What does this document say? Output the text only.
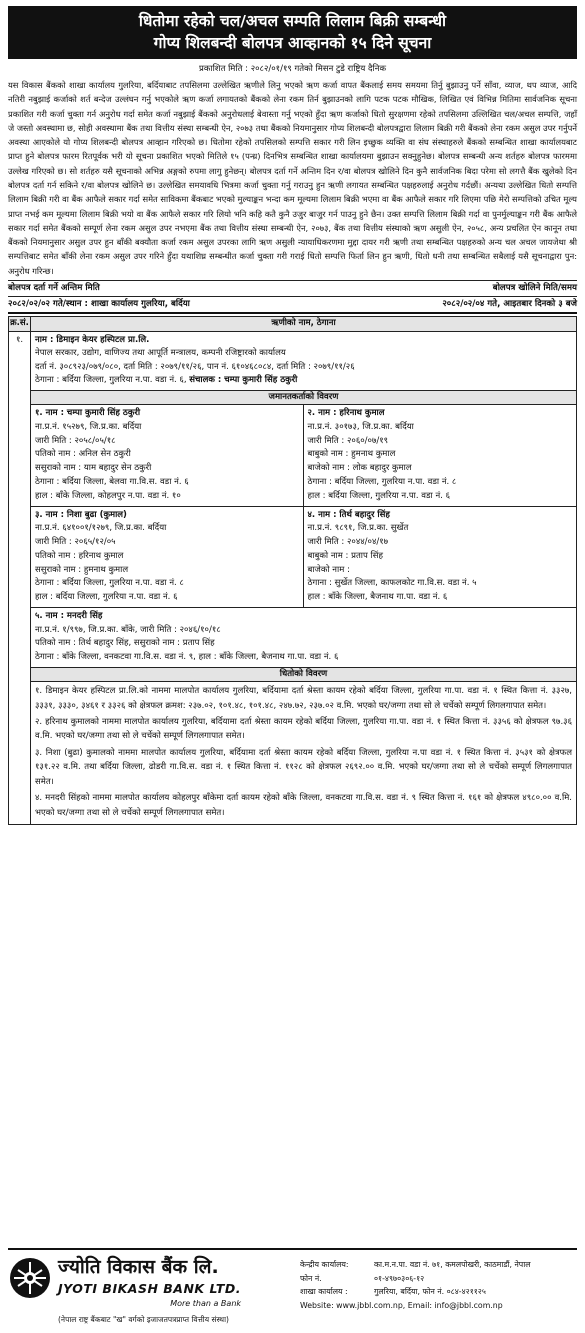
धितोमा रहेको चल/अचल सम्पति लिलाम बिक्री सम्बन्धी
गोप्य शिलबन्दी बोलपत्र आव्हानको १५ दिने सूचना
प्रकाशित मिति : २०८२/०१/१९ गतेको मिसन टुडे राष्ट्रिय दैनिक
यस विकास बैंकको शाखा कार्यालय गुलरिया, बर्दियाबाट तपसिलमा उल्लेखित ऋणीले लिनु भएको ऋण कर्जा वापत बैंकलाई समय समयमा तिर्नु बुझाउनु पर्ने साँवा, व्याज, थप व्याज, आदि नतिरी नबुझाई कर्जाको शर्त बन्देज उल्लंघन गर्नु भएकोले ऋण कर्जा लगायतको बैंकको लेना रकम तिर्न बुझाउनको लागि पटक पटक मौखिक, लिखित एवं विभिन्न मितिमा सार्वजनिक सूचना प्रकाशित गरी कर्जा चुक्ता गर्न अनुरोध गर्दा समेत कर्जा नबुझाई बैंकको अनुरोधलाई बेवास्ता गर्नु भएको हुँदा ऋण कर्जाको धितो सुरक्षणमा रहेको तपसिलमा उल्लिखित चल/अचल सम्पत्ति, जहाँ जे जस्तो अवस्थामा छ, सोही अवस्थामा बैंक तथा वित्तीय संस्था सम्बन्धी ऐन, २०७३ तथा बैंकको नियमानुसार गोप्य शिलबन्दी बोलपत्रद्वारा लिलाम बिक्री गरी बैंकको लेना रकम असुल उपर गर्नुपर्ने अवस्था आएकोले यो गोप्य शिलबन्दी बोलपत्र आव्हान गरिएको छ। धितोमा रहेको तपसिलको सम्पत्ति सकार गरी लिन इच्छुक व्यक्ति वा संघ संस्थाहरुले बैंकको सम्बन्धित शाखा कार्यालयबाट प्राप्त हुने बोलपत्र फारम रितपूर्वक भरी यो सूचना प्रकाशित भएको मितिले १५ (पन्ध्र) दिनभित्र सम्बन्धित शाखा कार्यालयमा बुझाउन सक्नुहुनेछ। बोलपत्र सम्बन्धी अन्य शर्तहरु बोलपत्र फारममा उल्लेख गरिएको छ। सो शर्तहरु यसै सूचनाको अभिन्न अङ्गको रुपमा लागु हुनेछन्। बोलपत्र दर्ता गर्ने अन्तिम दिन र/वा बोलपत्र खोलिने दिन कुनै सार्वजनिक बिदा परेमा सो लगत्तै बैंक खुलेको दिन बोलपत्र दर्ता गर्न सकिने र/वा बोलपत्र खोलिने छ। उल्लेखित समयावधि भित्रमा कर्जा चुक्ता गर्नु गराउनु हुन ऋणी लगायत सम्बन्धित पक्षहरुलाई अनुरोध गर्दछौं। अन्यथा उल्लेखित धितो सम्पत्ति लिलाम बिक्री गरी वा बैंक आफैले सकार गर्दा समेत साविकमा बैंकबाट भएको मुल्याङ्कन भन्दा कम मूल्यमा लिलाम बिक्री भएमा वा बैंक आफैले सकार गरि लिएमा पछि मेरो सम्पत्तिको उचित मूल्य प्राप्त नभई कम मूल्यमा लिलाम बिक्री भयो वा बैंक आफैले सकार गरि लियो भनि कहि कतै कुनै उजुर बाजुर गर्न पाउनु हुने छैन। उक्त सम्पत्ति लिलाम बिक्री गर्दा वा पुनर्मुल्याङ्कन गरी बैंक आफैले सकार गर्दा समेत बैंकको सम्पूर्ण लेना रकम असुल उपर नभएमा बैंक तथा वित्तीय संस्था सम्बन्धी ऐन, २०७३, बैंक तथा वित्तीय संस्थाको ऋण असुली ऐन, २०५८, अन्य प्रचलित ऐन कानून तथा बैंकको नियमानुसार असुल उपर हुन बाँकी बक्यौता कर्जा रकम असुल उपरका लागि ऋण असुली न्यायाधिकरणमा मुद्दा दायर गरी ऋणी तथा सम्बन्धित पक्षहरुको अन्य चल अचल जायजेथा श्री सम्पत्तिबाट समेत बाँकी लेना रकम असुल उपर गरिने हुँदा यथाशिघ्र सम्बन्धीत कर्जा चुक्ता गरी गराई धितो सम्पत्ति फिर्ता लिन हुन ऋणी, धितो धनी तथा सम्बन्धित सबैलाई यसै सूचनाद्वारा पुन: अनुरोध गरिन्छ।
बोलपत्र दर्ता गर्ने अन्तिम मिति	बोलपत्र खोलिने मिति/समय
२०८२/०२/०२ गते/स्थान : शाखा कार्यालय गुलरिया, बर्दिया	२०८२/०२/०४ गते, आइतबार दिनको ३ बजे
क्र.सं.	ऋणीको नाम, ठेगाना
१.	नाम : डिमाइन केयर हस्पिटल प्रा.लि.
नेपाल सरकार, उद्योग, वाणिज्य तथा आपूर्ति मन्त्रालय, कम्पनी रजिष्ट्रारको कार्यालय
दर्ता नं. ३०८९२३/०७९/०८०, दर्ता मिति : २०७९/११/२६, पान नं. ६१०४६८०८४, दर्ता मिति : २०७९/११/२६
ठेगाना : बर्दिया जिल्ला, गुलरिया न.पा. वडा नं. ६, संचालक : चम्पा कुमारी सिंह ठकुरी
जमानतकर्ताको विवरण
१. नाम : चम्पा कुमारी सिंह ठकुरी
ना.प्र.नं. १५२७९, जि.प्र.का. बर्दिया
जारी मिति : २०५८/०५/१८
पतिको नाम : अनिल सेन ठकुरी
ससुराको नाम : याम बहादुर सेन ठकुरी
ठेगाना : बर्दिया जिल्ला, बेलवा गा.वि.स. वडा नं. ६
हाल : बाँके जिल्ला, कोहलपुर न.पा. वडा नं. १०
२. नाम : हरिनाथ कुमाल
ना.प्र.नं. ३०१७३, जि.प्र.का. बर्दिया
जारी मिति : २०६०/०७/१९
बाबुको नाम : हुमनाथ कुमाल
बाजेको नाम : लोक बहादुर कुमाल
ठेगाना : बर्दिया जिल्ला, गुलरिया न.पा. वडा नं. ८
हाल : बर्दिया जिल्ला, गुलरिया न.पा. वडा नं. ६
३. नाम : निशा बुढा (कुमाल)
ना.प्र.नं. ६४१००१/१२७९, जि.प्र.का. बर्दिया
जारी मिति : २०६५/१२/०५
पतिको नाम : हरिनाथ कुमाल
ससुराको नाम : हुमनाथ कुमाल
ठेगाना : बर्दिया जिल्ला, गुलरिया न.पा. वडा नं. ८
हाल : बर्दिया जिल्ला, गुलरिया न.पा. वडा नं. ६
४. नाम : तिर्थ बहादुर सिंह
ना.प्र.नं. ९८९१, जि.प्र.का. सुर्खेत
जारी मिति : २०४४/०४/१७
बाबुको नाम : प्रताप सिंह
बाजेको नाम :
ठेगाना : सुर्खेत जिल्ला, काफलकोट गा.वि.स. वडा नं. ५
हाल : बाँके जिल्ला, बैजनाथ गा.पा. वडा नं. ६
५. नाम : मनदरी सिंह
ना.प्र.नं. १/९९७, जि.प्र.का. बाँके, जारी मिति : २०४६/१०/१८
पतिको नाम : तिर्थ बहादुर सिंह, ससुराको नाम : प्रताप सिंह
ठेगाना : बाँके जिल्ला, वनकटवा गा.वि.स. वडा नं. ९, हाल : बाँके जिल्ला, बैजनाथ गा.पा. वडा नं. ६
धितोको विवरण
१. डिमाइन केयर हस्पिटल प्रा.लि.को नाममा मालपोत कार्यालय गुलरिया, बर्दियामा दर्ता श्रेस्ता कायम रहेको बर्दिया जिल्ला, गुलरिया गा.पा. वडा नं. १ स्थित कित्ता नं. ३३२७, ३३३१, ३३३०, ३४६१ र ३३२६ को क्षेत्रफल क्रमश: २३७.०२, १०१.४८, १०१.४८, २४७.७२, २३७.०२ व.मि. भएको घर/जग्गा तथा सो ले चर्चेको सम्पूर्ण लिगलगापात समेत।
२. हरिनाथ कुमालको नाममा मालपोत कार्यालय गुलरिया, बर्दियामा दर्ता श्रेस्ता कायम रहेको बर्दिया जिल्ला, गुलरिया गा.पा. वडा नं. १ स्थित कित्ता नं. ३३५६ को क्षेत्रफल ९७.३६ व.मि. भएको घर/जग्गा तथा सो ले चर्चेको सम्पूर्ण लिगलगापात समेत।
३. निशा (बुढा) कुमालको नाममा मालपोत कार्यालय गुलरिया, बर्दियामा दर्ता श्रेस्ता कायम रहेको बर्दिया जिल्ला, गुलरिया न.पा वडा नं. १ स्थित कित्ता नं. ३५३१ को क्षेत्रफल १३१.२२ व.मि. तथा बर्दिया जिल्ला, ढोडरी गा.वि.स. वडा नं. १ स्थित कित्ता नं. ११२८ को क्षेत्रफल २६९२.०० व.मि. भएको घर/जग्गा तथा सो ले चर्चेको सम्पूर्ण लिगलगापात समेत।
४. मनदरी सिंहको नाममा मालपोत कार्यालय कोहलपुर बाँकेमा दर्ता कायम रहेको बाँके जिल्ला, वनकटवा गा.वि.स. वडा नं. ९ स्थित कित्ता नं. १६१ को क्षेत्रफल ४९८०.०० व.मि. भएको घर/जग्गा तथा सो ले चर्चेको सम्पूर्ण लिगलगापात समेत।
ज्योति विकास बैंक लि.
JYOTI BIKASH BANK LTD.
More than a Bank
(नेपाल राष्ट्र बैंकबाट "ख" वर्गको इजाजतपत्रप्राप्त वित्तीय संस्था)
केन्द्रीय कार्यालय:	का.म.न.पा. वडा नं. ७१, कमलपोखरी, काठमाडौं, नेपाल
फोन नं.	०१-४९७०३०६-१२
शाखा कार्यालय :	गुलरिया, बर्दिया, फोन नं. ०८४-४२११२५
Website: www.jbbl.com.np, Email: info@jbbl.com.np
